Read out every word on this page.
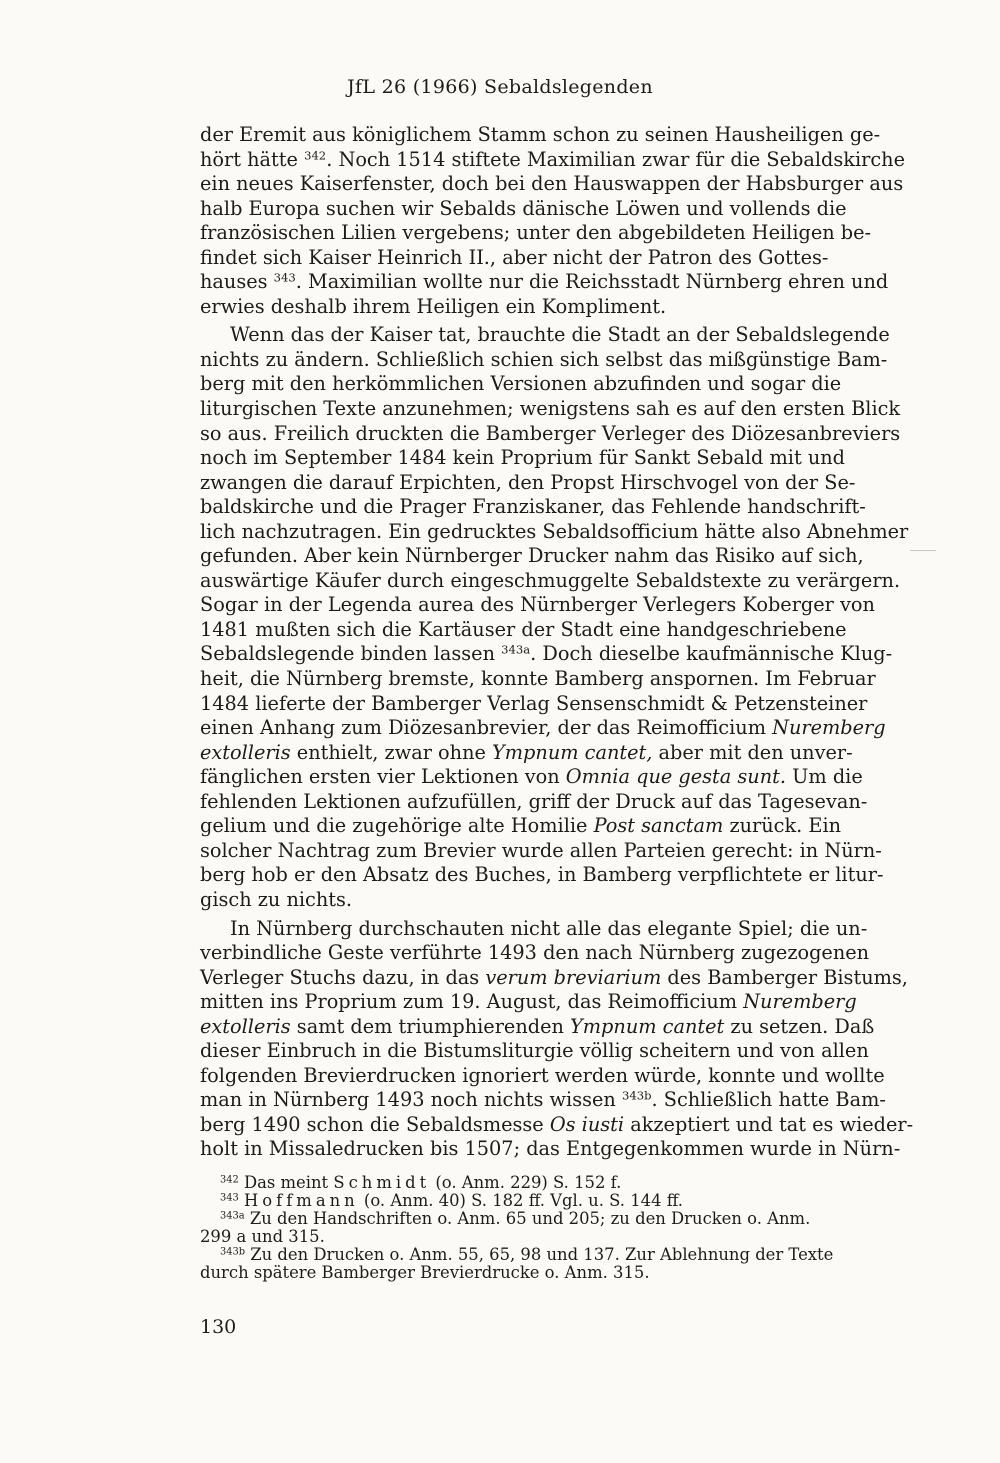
JfL 26 (1966) Sebaldslegenden

der Eremit aus königlichem Stamm schon zu seinen Hausheiligen ge-
hört hätte $^{342}$. Noch 1514 stiftete Maximilian zwar für die Sebaldskirche
ein neues Kaiserfenster, doch bei den Hauswappen der Habsburger aus
halb Europa suchen wir Sebalds dänische Löwen und vollends die
französischen Lilien vergebens; unter den abgebildeten Heiligen be-
findet sich Kaiser Heinrich II., aber nicht der Patron des Gottes-
hauses $^{343}$. Maximilian wollte nur die Reichsstadt Nürnberg ehren und
erwies deshalb ihrem Heiligen ein Kompliment.

Wenn das der Kaiser tat, brauchte die Stadt an der Sebaldslegende
nichts zu ändern. Schließlich schien sich selbst das mißgünstige Bam-
berg mit den herkömmlichen Versionen abzufinden und sogar die
liturgischen Texte anzunehmen; wenigstens sah es auf den ersten Blick
so aus. Freilich druckten die Bamberger Verleger des Diözesanbreviers
noch im September 1484 kein Proprium für Sankt Sebald mit und
zwangen die darauf Erpichten, den Propst Hirschvogel von der Se-
baldskirche und die Prager Franziskaner, das Fehlende handschrift-
lich nachzutragen. Ein gedrucktes Sebaldsofficium hätte also Abnehmer
gefunden. Aber kein Nürnberger Drucker nahm das Risiko auf sich,
auswärtige Käufer durch eingeschmuggelte Sebaldstexte zu verärgern.
Sogar in der Legenda aurea des Nürnberger Verlegers Koberger von
1481 mußten sich die Kartäuser der Stadt eine handgeschriebene
Sebaldslegende binden lassen $^{343a}$. Doch dieselbe kaufmännische Klug-
heit, die Nürnberg bremste, konnte Bamberg anspornen. Im Februar
1484 lieferte der Bamberger Verlag Sensenschmidt & Petzensteiner
einen Anhang zum Diözesanbrevier, der das Reimofficium Nuremberg
extolleris enthielt, zwar ohne Ympnum cantet, aber mit den unver-
fänglichen ersten vier Lektionen von Omnia que gesta sunt. Um die
fehlenden Lektionen aufzufüllen, griff der Druck auf das Tagesevan-
gelium und die zugehörige alte Homilie Post sanctam zurück. Ein
solcher Nachtrag zum Brevier wurde allen Parteien gerecht: in Nürn-
berg hob er den Absatz des Buches, in Bamberg verpflichtete er litur-
gisch zu nichts.

In Nürnberg durchschauten nicht alle das elegante Spiel; die un-
verbindliche Geste verführte 1493 den nach Nürnberg zugezogenen
Verleger Stuchs dazu, in das verum breviarium des Bamberger Bistums,
mitten ins Proprium zum 19. August, das Reimofficium Nuremberg
extolleris samt dem triumphierenden Ympnum cantet zu setzen. Daß
dieser Einbruch in die Bistumsliturgie völlig scheitern und von allen
folgenden Brevierdrucken ignoriert werden würde, konnte und wollte
man in Nürnberg 1493 noch nichts wissen $^{343b}$. Schließlich hatte Bam-
berg 1490 schon die Sebaldsmesse Os iusti akzeptiert und tat es wieder-
holt in Missaledrucken bis 1507; das Entgegenkommen wurde in Nürn-

$^{342}$ Das meint Schmidt (o. Anm. 229) S. 152 f.

$^{343}$ Hoffmann (o. Anm. 40) S. 182 ff. Vgl. u. S. 144 ff.

$^{343a}$ Zu den Handschriften o. Anm. 65 und 205; zu den Drucken o. Anm.
299 a und 315.

$^{343b}$ Zu den Drucken o. Anm. 55, 65, 98 und 137. Zur Ablehnung der Texte
durch spätere Bamberger Brevierdrucke o. Anm. 315.

130
